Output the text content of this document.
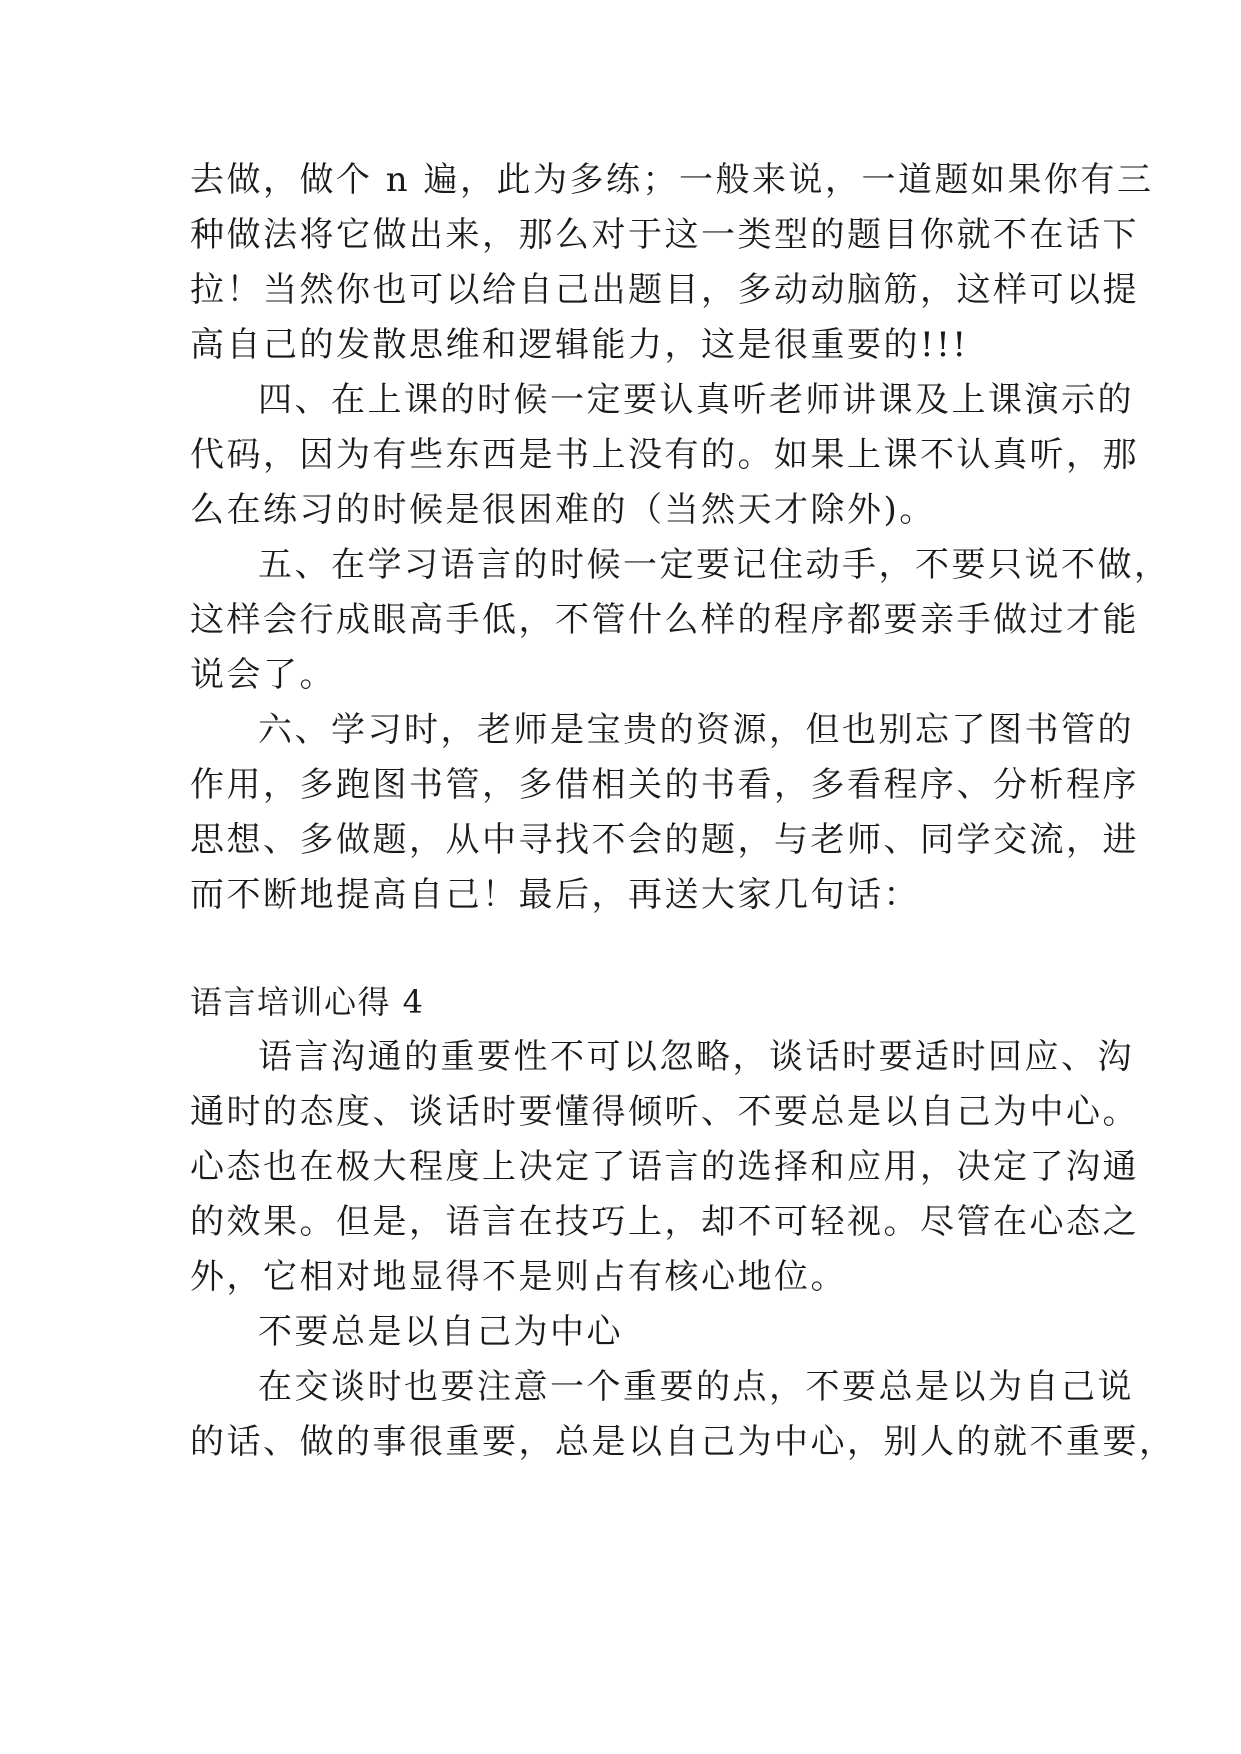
去做，做个 n 遍，此为多练；一般来说，一道题如果你有三
种做法将它做出来，那么对于这一类型的题目你就不在话下
拉！当然你也可以给自己出题目，多动动脑筋，这样可以提
高自己的发散思维和逻辑能力，这是很重要的!!!
四、在上课的时候一定要认真听老师讲课及上课演示的
代码，因为有些东西是书上没有的。如果上课不认真听，那
么在练习的时候是很困难的（当然天才除外)。
五、在学习语言的时候一定要记住动手，不要只说不做，
这样会行成眼高手低，不管什么样的程序都要亲手做过才能
说会了。
六、学习时，老师是宝贵的资源，但也别忘了图书管的
作用，多跑图书管，多借相关的书看，多看程序、分析程序
思想、多做题，从中寻找不会的题，与老师、同学交流，进
而不断地提高自己！最后，再送大家几句话：
语言培训心得 4
语言沟通的重要性不可以忽略，谈话时要适时回应、沟
通时的态度、谈话时要懂得倾听、不要总是以自己为中心。
心态也在极大程度上决定了语言的选择和应用，决定了沟通
的效果。但是，语言在技巧上，却不可轻视。尽管在心态之
外，它相对地显得不是则占有核心地位。
不要总是以自己为中心
在交谈时也要注意一个重要的点，不要总是以为自己说
的话、做的事很重要，总是以自己为中心，别人的就不重要，
